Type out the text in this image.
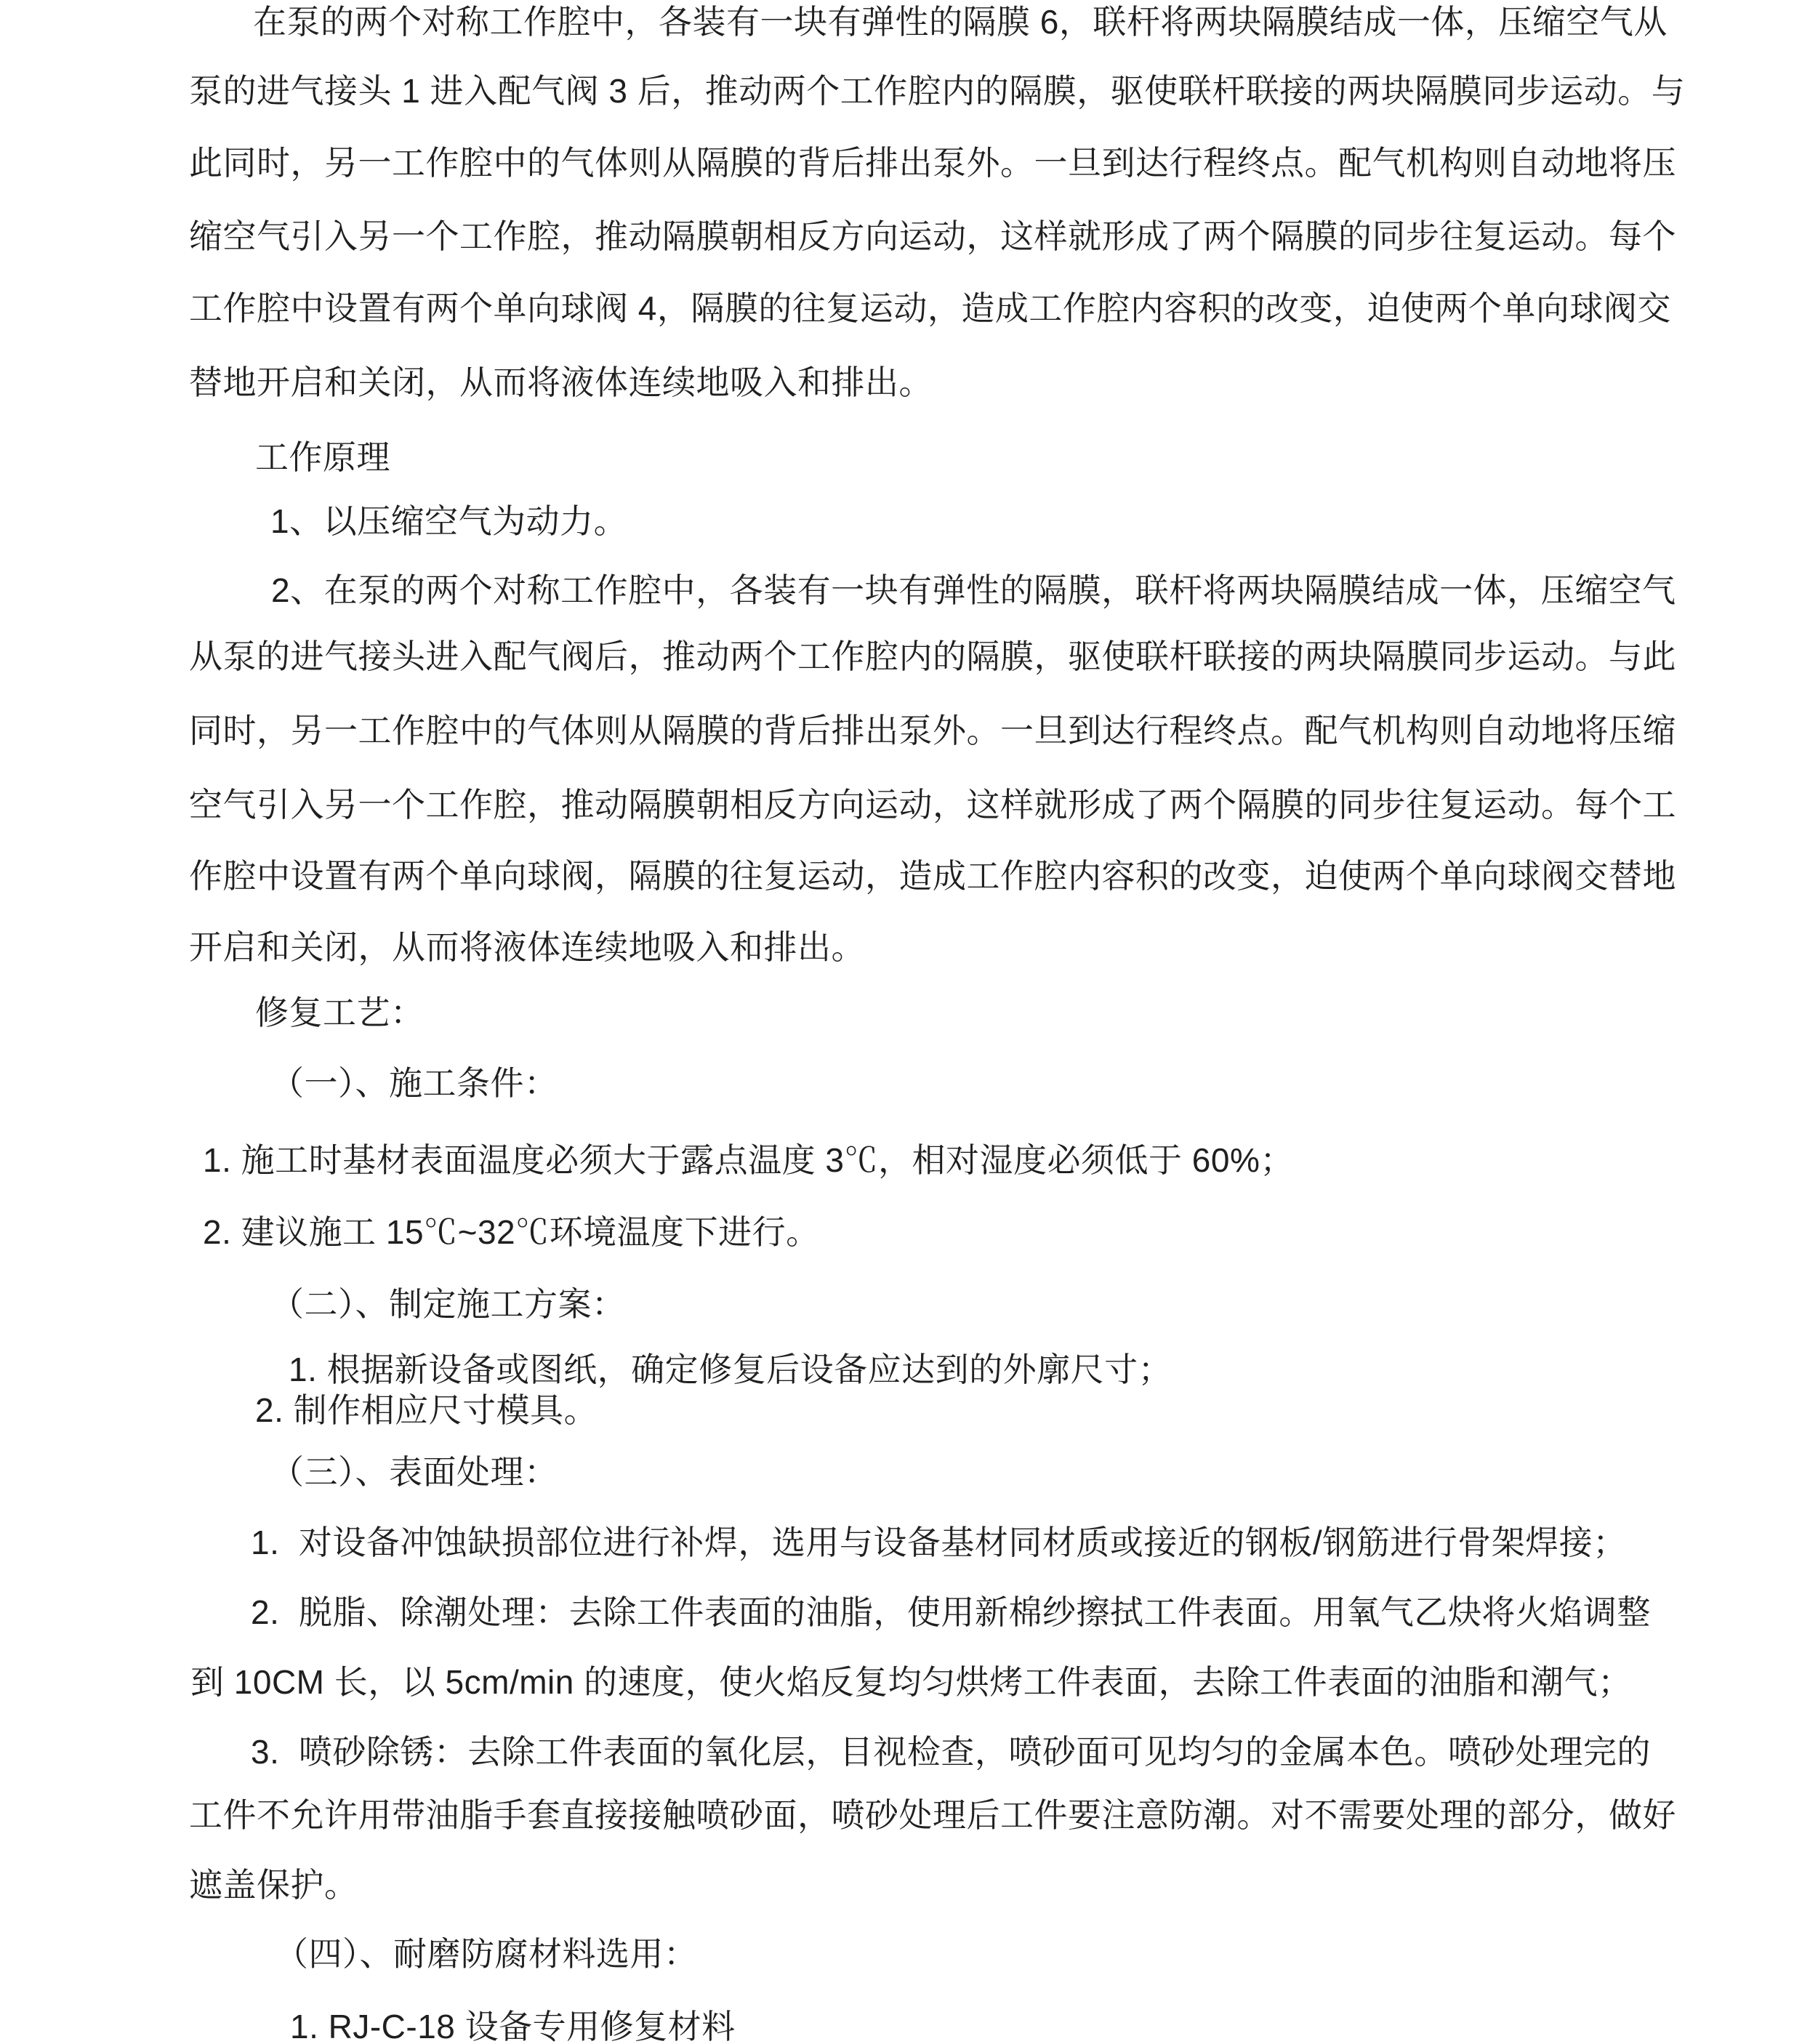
在泵的两个对称工作腔中，各装有一块有弹性的隔膜 6，联杆将两块隔膜结成一体，压缩空气从
泵的进气接头 1 进入配气阀 3 后，推动两个工作腔内的隔膜，驱使联杆联接的两块隔膜同步运动。与
此同时，另一工作腔中的气体则从隔膜的背后排出泵外。一旦到达行程终点。配气机构则自动地将压
缩空气引入另一个工作腔，推动隔膜朝相反方向运动，这样就形成了两个隔膜的同步往复运动。每个
工作腔中设置有两个单向球阀 4，隔膜的往复运动，造成工作腔内容积的改变，迫使两个单向球阀交
替地开启和关闭，从而将液体连续地吸入和排出。
工作原理
1、以压缩空气为动力。
2、在泵的两个对称工作腔中，各装有一块有弹性的隔膜，联杆将两块隔膜结成一体，压缩空气
从泵的进气接头进入配气阀后，推动两个工作腔内的隔膜，驱使联杆联接的两块隔膜同步运动。与此
同时，另一工作腔中的气体则从隔膜的背后排出泵外。一旦到达行程终点。配气机构则自动地将压缩
空气引入另一个工作腔，推动隔膜朝相反方向运动，这样就形成了两个隔膜的同步往复运动。每个工
作腔中设置有两个单向球阀，隔膜的往复运动，造成工作腔内容积的改变，迫使两个单向球阀交替地
开启和关闭，从而将液体连续地吸入和排出。
修复工艺：
（一）、施工条件：
1. 施工时基材表面温度必须大于露点温度 3℃，相对湿度必须低于 60%；
2. 建议施工 15℃~32℃环境温度下进行。
（二）、制定施工方案：
1. 根据新设备或图纸，确定修复后设备应达到的外廓尺寸；
2. 制作相应尺寸模具。
（三）、表面处理：
1.  对设备冲蚀缺损部位进行补焊，选用与设备基材同材质或接近的钢板/钢筋进行骨架焊接；
2.  脱脂、除潮处理：去除工件表面的油脂，使用新棉纱擦拭工件表面。用氧气乙炔将火焰调整
到 10CM 长，以 5cm/min 的速度，使火焰反复均匀烘烤工件表面，去除工件表面的油脂和潮气；
3.  喷砂除锈：去除工件表面的氧化层，目视检查，喷砂面可见均匀的金属本色。喷砂处理完的
工件不允许用带油脂手套直接接触喷砂面，喷砂处理后工件要注意防潮。对不需要处理的部分，做好
遮盖保护。
（四）、耐磨防腐材料选用：
1. RJ-C-18 设备专用修复材料
